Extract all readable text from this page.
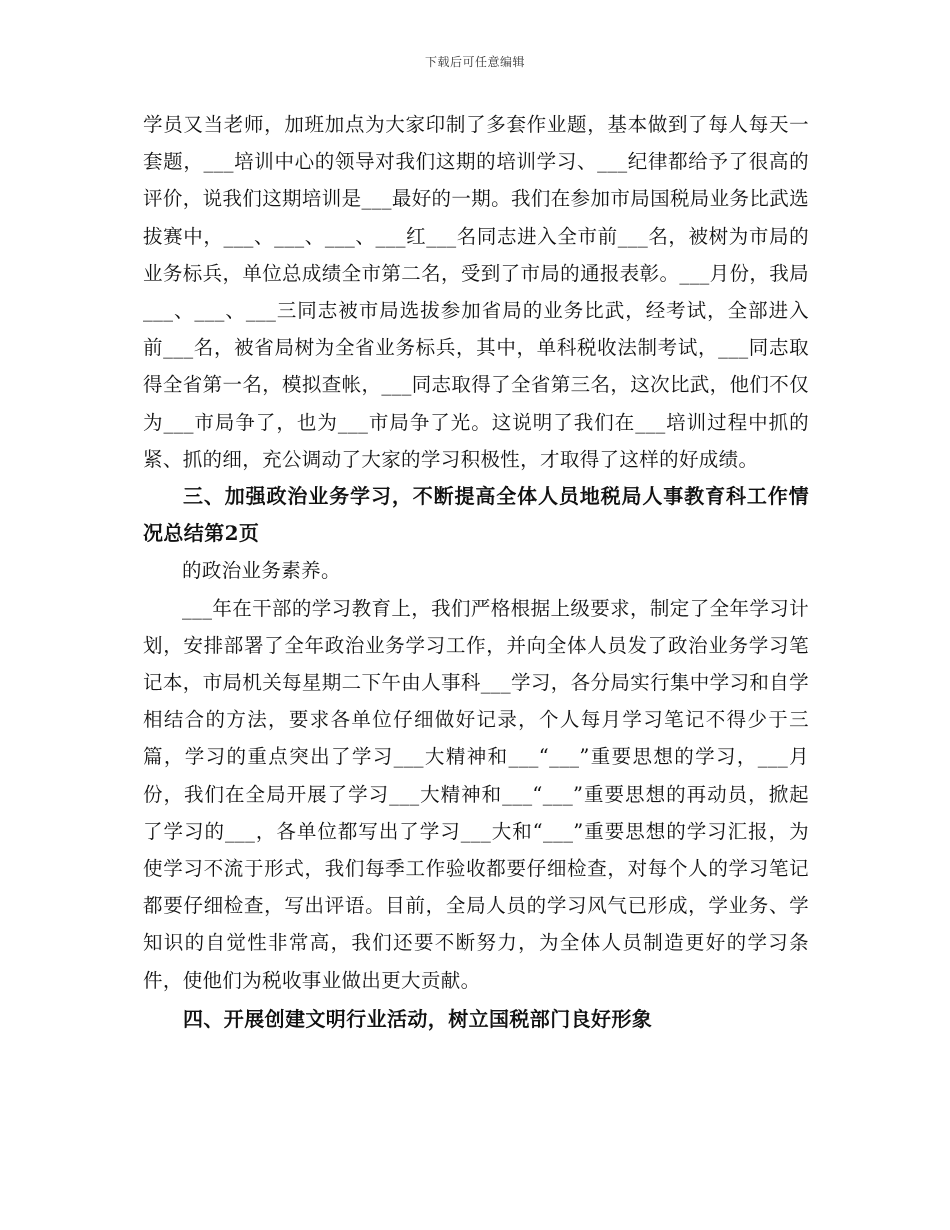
下载后可任意编辑

学员又当老师，加班加点为大家印制了多套作业题，基本做到了每人每天一套题，___培训中心的领导对我们这期的培训学习、___纪律都给予了很高的评价，说我们这期培训是___最好的一期。我们在参加市局国税局业务比武选拔赛中，___、___、___、___红___名同志进入全市前___名，被树为市局的业务标兵，单位总成绩全市第二名，受到了市局的通报表彰。___月份，我局___、___、___三同志被市局选拔参加省局的业务比武，经考试，全部进入前___名，被省局树为全省业务标兵，其中，单科税收法制考试，___同志取得全省第一名，模拟查帐，___同志取得了全省第三名，这次比武，他们不仅为___市局争了，也为___市局争了光。这说明了我们在___培训过程中抓的紧、抓的细，充公调动了大家的学习积极性，才取得了这样的好成绩。

三、加强政治业务学习，不断提高全体人员地税局人事教育科工作情况总结第2页

的政治业务素养。

___年在干部的学习教育上，我们严格根据上级要求，制定了全年学习计划，安排部署了全年政治业务学习工作，并向全体人员发了政治业务学习笔记本，市局机关每星期二下午由人事科___学习，各分局实行集中学习和自学相结合的方法，要求各单位仔细做好记录，个人每月学习笔记不得少于三篇，学习的重点突出了学习___大精神和___“___”重要思想的学习，___月份，我们在全局开展了学习___大精神和___“___”重要思想的再动员，掀起了学习的___，各单位都写出了学习___大和“___”重要思想的学习汇报，为使学习不流于形式，我们每季工作验收都要仔细检查，对每个人的学习笔记都要仔细检查，写出评语。目前，全局人员的学习风气已形成，学业务、学知识的自觉性非常高，我们还要不断努力，为全体人员制造更好的学习条件，使他们为税收事业做出更大贡献。

四、开展创建文明行业活动，树立国税部门良好形象
